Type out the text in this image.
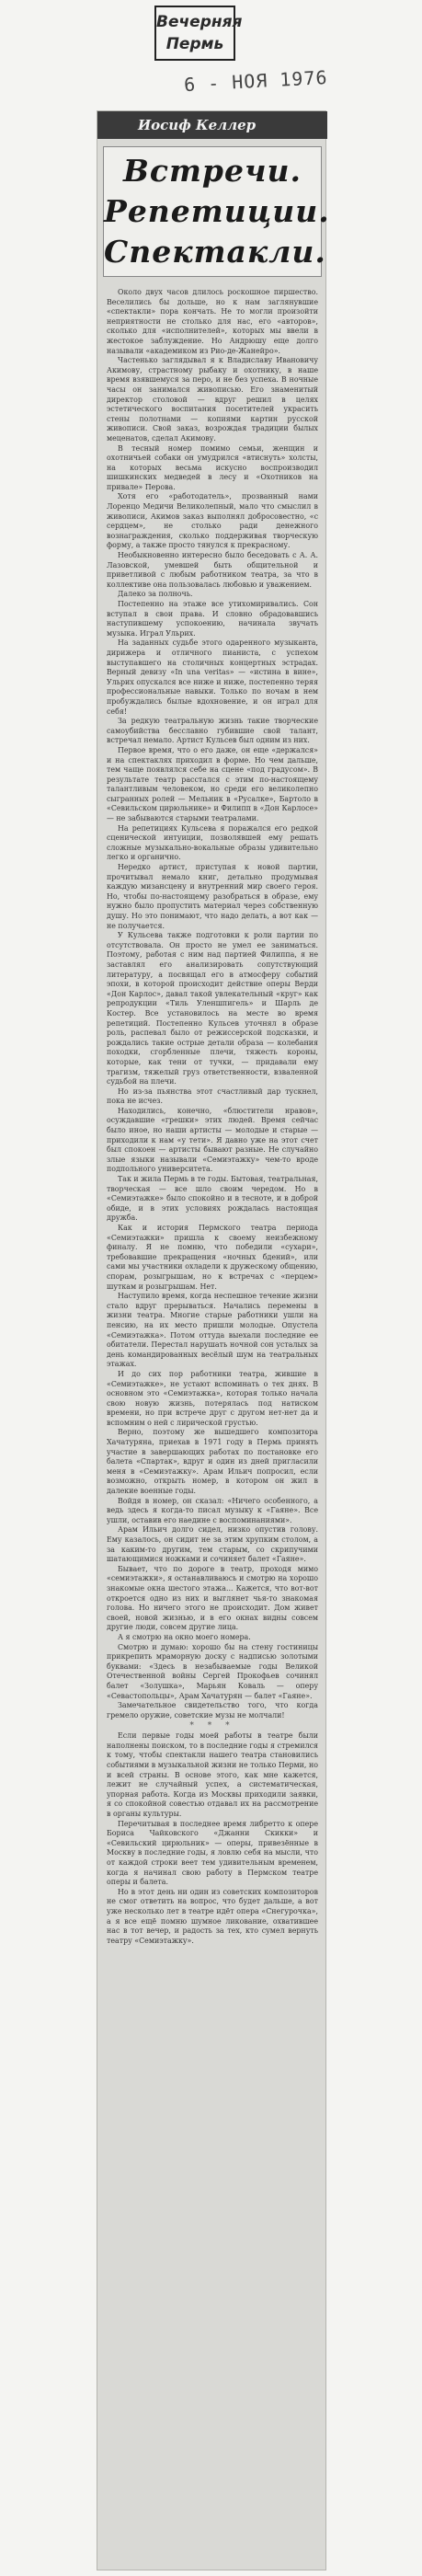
Вечерняя
Пермь
6 - НОЯ 1976
Иосиф Келлер
Встречи.
Репетиции.
Спектакли.

Около двух часов длилось роскошное пиршество. Веселились бы дольше, но к нам заглянувшие «спектакли» пора кончать. Не то могли произойти неприятности не столько для нас, его «авторов», сколько для «исполнителей», которых мы ввели в жестокое заблуждение. Но Андрюшу еще долго называли «академиком из Рио-де-Жанейро».

Частенько заглядывал я к Владиславу Ивановичу Акимову, страстному рыбаку и охотнику, в наше время взявшемуся за перо, и не без успеха. В ночные часы он занимался живописью. Его знаменитый директор столовой — вдруг решил в целях эстетического воспитания посетителей украсить стены полотнами — копиями картин русской живописи. Свой заказ, возрождая традиции былых меценатов, сделал Акимову.

В тесный номер помимо семьи, женщин и охотничьей собаки он умудрился «втиснуть» холсты, на которых весьма искусно воспроизводил шишкинских медведей в лесу и «Охотников на привале» Перова.

Хотя его «работодатель», прозванный нами Лоренцо Медичи Великолепный, мало что смыслил в живописи, Акимов заказ выполнял добросовестно, «с сердцем», не столько ради денежного вознаграждения, сколько поддерживая творческую форму, а также просто тянулся к прекрасному.

Необыкновенно интересно было беседовать с А. А. Лазовской, умевшей быть общительной и приветливой с любым работником театра, за что в коллективе она пользовалась любовью и уважением.

Далеко за полночь.

Постепенно на этаже все утихомиривались. Сон вступал в свои права. И словно обрадовавшись наступившему успокоению, начинала звучать музыка. Играл Ульрих.

На заданных судьбе этого одаренного музыканта, дирижера и отличного пианиста, с успехом выступавшего на столичных концертных эстрадах. Верный девизу «In una veritas» — «истина в вине», Ульрих опускался все ниже и ниже, постепенно теряя профессиональные навыки. Только по ночам в нем пробуждались былые вдохновение, и он играл для себя!

За редкую театральную жизнь такие творческие самоубийства бесславно губившие свой талант, встречал немало. Артист Кульсев был одним из них.

Первое время, что о его даже, он еще «держался» и на спектаклях приходил в форме. Но чем дальше, тем чаще появлялся себе на сцене «под градусом». В результате театр расстался с этим по-настоящему талантливым человеком, но среди его великолепно сыгранных ролей — Мельник в «Русалке», Бартоло в «Севильском цирюльнике» и Филипп в «Дон Карлосе» — не забываются старыми театралами.

На репетициях Кульсева я поражался его редкой сценической интуиции, позволявшей ему решать сложные музыкально-вокальные образы удивительно легко и органично.

Нередко артист, приступая к новой партии, прочитывал немало книг, детально продумывая каждую мизансцену и внутренний мир своего героя. Но, чтобы по-настоящему разобраться в образе, ему нужно было пропустить материал через собственную душу. Но это понимают, что надо делать, а вот как — не получается.

У Кульсева также подготовки к роли партии по отсутствовала. Он просто не умел ее заниматься. Поэтому, работая с ним над партией Филиппа, я не заставлял его анализировать сопутствующий литературу, а посвящал его в атмосферу событий эпохи, в которой происходит действие оперы Верди «Дон Карлос», давал такой увлекательный «круг» как репродукции «Тиль Уленшпигель» и Шарль де Костер. Все установилось на месте во время репетиций. Постепенно Кульсев уточнял в образе роль, распевал было от режиссерской подсказки, и рождались такие острые детали образа — колебания походки, сгорбленные плечи, тяжесть короны, которые, как тени от тучки, — придавали ему трагизм, тяжелый груз ответственности, взваленной судьбой на плечи.

Но из-за пьянства этот счастливый дар тускнел, пока не исчез.

Находились, конечно, «блюстители нравов», осуждавшие «грешки» этих людей. Время сейчас было иное, но наши артисты — молодые и старые — приходили к нам «у тети». Я давно уже на этот счет был спокоен — артисты бывают разные. Не случайно злые языки называли «Семиэтажку» чем-то вроде подпольного университета.

Так и жила Пермь в те годы. Бытовая, театральная, творческая — все шло своим чередом. Но в «Семиэтажке» было спокойно и в тесноте, и в доброй обиде, и в этих условиях рождалась настоящая дружба.

Как и история Пермского театра периода «Семиэтажки» пришла к своему неизбежному финалу. Я не помню, что победили «сухари», требовавшие прекращения «ночных бдений», или сами мы участники охладели к дружескому общению, спорам, розыгрышам, но к встречах с «перцем» шуткам и розыгрышам. Нет.

Наступило время, когда неспешное течение жизни стало вдруг прерываться. Начались перемены в жизни театра. Многие старые работники ушли на пенсию, на их место пришли молодые. Опустела «Семиэтажка». Потом оттуда выехали последние ее обитатели. Перестал нарушать ночной сон усталых за день командированных весёлый шум на театральных этажах.

И до сих пор работники театра, жившие в «Семиэтажке», не устают вспоминать о тех днях. В основном это «Семиэтажка», которая только начала свою новую жизнь, потерялась под натиском времени, но при встрече друг с другом нет-нет да и вспомним о ней с лирической грустью.

Верно, поэтому же вышедшего композитора Хачатуряна, приехав в 1971 году в Пермь принять участие в завершающих работах по постановке его балета «Спартак», вдруг и один из дней пригласили меня в «Семиэтажку». Арам Ильич попросил, если возможно, открыть номер, в котором он жил в далекие военные годы.

Войдя в номер, он сказал: «Ничего особенного, а ведь здесь я когда-то писал музыку к «Гаяне». Все ушли, оставив его наедине с воспоминаниями».

Арам Ильич долго сидел, низко опустив голову. Ему казалось, он сидит не за этим хрупким столом, а за каким-то другим, тем старым, со скрипучими шатающимися ножками и сочиняет балет «Гаяне».

Бывает, что по дороге в театр, проходя мимо «семиэтажки», я останавливаюсь и смотрю на хорошо знакомые окна шестого этажа... Кажется, что вот-вот откроется одно из них и выглянет чья-то знакомая голова. Но ничего этого не происходит. Дом живет своей, новой жизнью, и в его окнах видны совсем другие люди, совсем другие лица.

А я смотрю на окно моего номера.

Смотрю и думаю: хорошо бы на стену гостиницы прикрепить мраморную доску с надписью золотыми буквами: «Здесь в незабываемые годы Великой Отечественной войны Сергей Прокофьев сочинял балет «Золушка», Марьян Коваль — оперу «Севастопольцы», Арам Хачатурян — балет «Гаяне».

Замечательное свидетельство того, что когда гремело оружие, советские музы не молчали!

* * *

Если первые годы моей работы в театре были наполнены поиском, то в последние годы я стремился к тому, чтобы спектакли нашего театра становились событиями в музыкальной жизни не только Перми, но и всей страны. В основе этого, как мне кажется, лежит не случайный успех, а систематическая, упорная работа. Когда из Москвы приходили заявки, я со спокойной совестью отдавал их на рассмотрение в органы культуры.

Перечитывая в последнее время либретто к опере Бориса Чайковского «Джанни Скикки» и «Севильский цирюльник» — оперы, привезённые в Москву в последние годы, я ловлю себя на мысли, что от каждой строки веет тем удивительным временем, когда я начинал свою работу в Пермском театре оперы и балета.

Но в этот день ни один из советских композиторов не смог ответить на вопрос, что будет дальше, а вот уже несколько лет в театре идёт опера «Снегурочка», а я все ещё помню шумное ликование, охватившее нас в тот вечер, и радость за тех, кто сумел вернуть театру «Семиэтажку».
